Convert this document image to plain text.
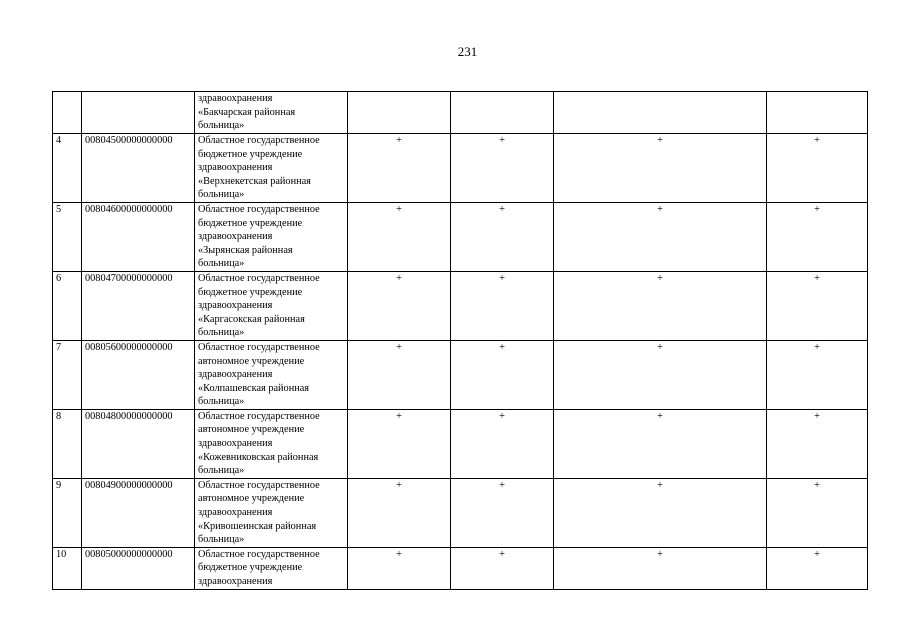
231

		здравоохранения
«Бакчарская районная
больница»				

4	00804500000000000	Областное государственное
бюджетное учреждение
здравоохранения
«Верхнекетская районная
больница»	+	+	+	+
5	00804600000000000	Областное государственное
бюджетное учреждение
здравоохранения
«Зырянская районная
больница»	+	+	+	+
6	00804700000000000	Областное государственное
бюджетное учреждение
здравоохранения
«Каргасокская районная
больница»	+	+	+	+
7	00805600000000000	Областное государственное
автономное учреждение
здравоохранения
«Колпашевская районная
больница»	+	+	+	+
8	00804800000000000	Областное государственное
автономное учреждение
здравоохранения
«Кожевниковская районная
больница»	+	+	+	+
9	00804900000000000	Областное государственное
автономное учреждение
здравоохранения
«Кривошеинская районная
больница»	+	+	+	+
10	00805000000000000	Областное государственное
бюджетное учреждение
здравоохранения	+	+	+	+
